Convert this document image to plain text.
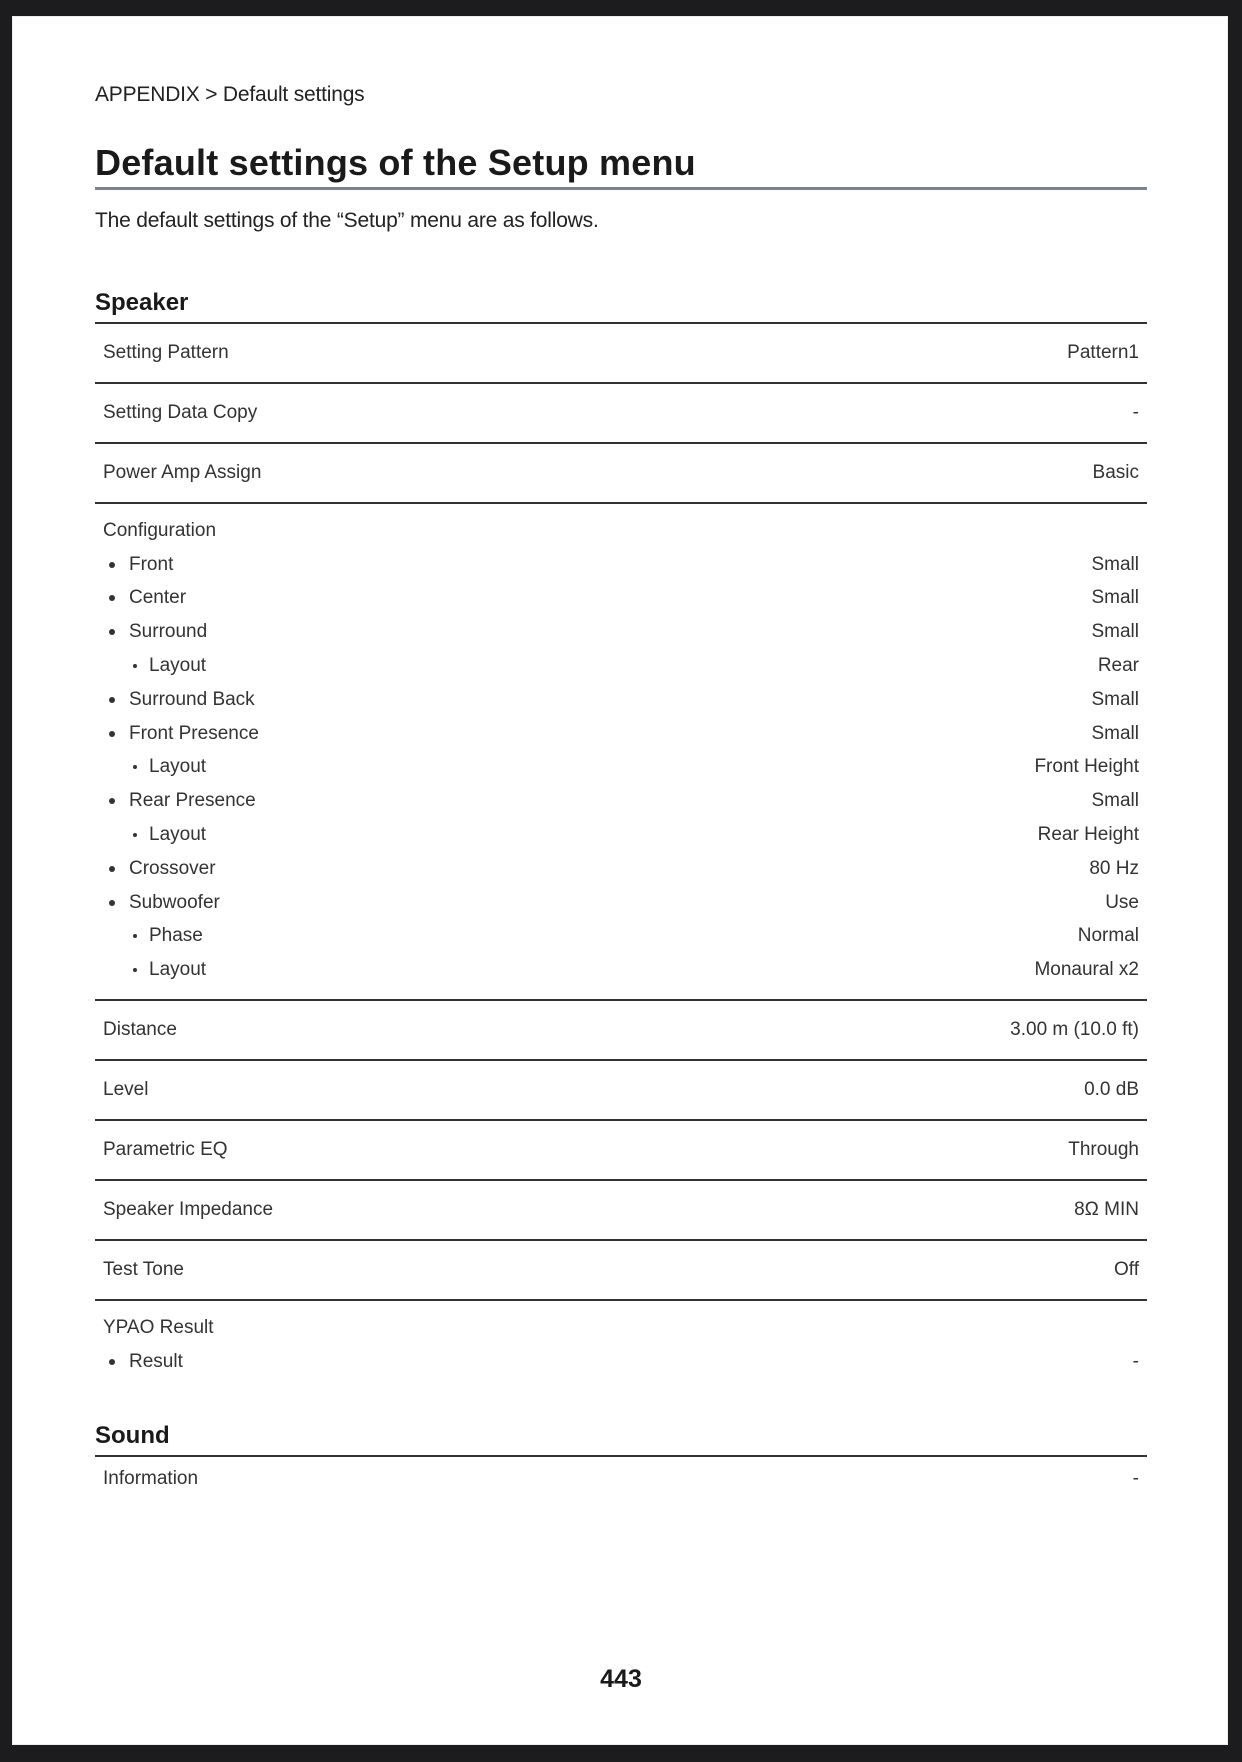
APPENDIX > Default settings
Default settings of the Setup menu
The default settings of the “Setup” menu are as follows.
Speaker
Setting Pattern	Pattern1
Setting Data Copy	-
Power Amp Assign	Basic
Configuration
Front	Small
Center	Small
Surround	Small
Layout	Rear
Surround Back	Small
Front Presence	Small
Layout	Front Height
Rear Presence	Small
Layout	Rear Height
Crossover	80 Hz
Subwoofer	Use
Phase	Normal
Layout	Monaural x2
Distance	3.00 m (10.0 ft)
Level	0.0 dB
Parametric EQ	Through
Speaker Impedance	8Ω MIN
Test Tone	Off
YPAO Result
Result	-
Sound
Information	-
443
